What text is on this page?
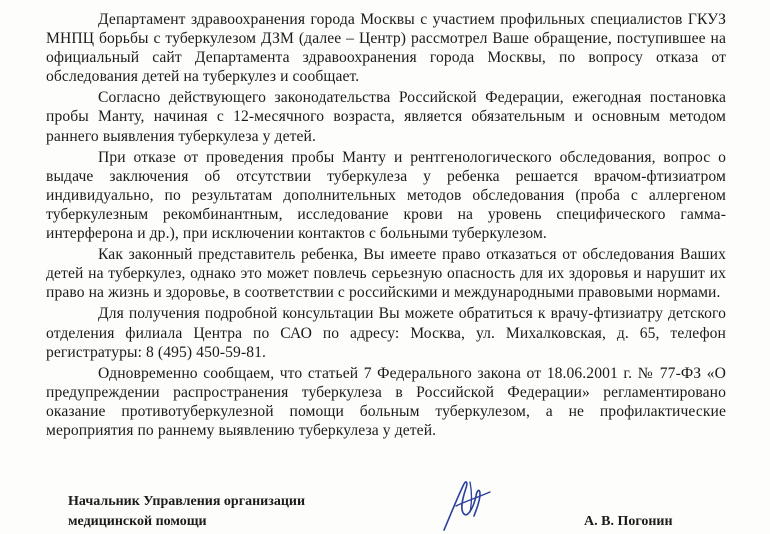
Департамент здравоохранения города Москвы с участием профильных специалистов ГКУЗ МНПЦ борьбы с туберкулезом ДЗМ (далее – Центр) рассмотрел Ваше обращение, поступившее на официальный сайт Департамента здравоохранения города Москвы, по вопросу отказа от обследования детей на туберкулез и сообщает.

Согласно действующего законодательства Российской Федерации, ежегодная постановка пробы Манту, начиная с 12-месячного возраста, является обязательным и основным методом раннего выявления туберкулеза у детей.

При отказе от проведения пробы Манту и рентгенологического обследования, вопрос о выдаче заключения об отсутствии туберкулеза у ребенка решается врачом-фтизиатром индивидуально, по результатам дополнительных методов обследования (проба с аллергеном туберкулезным рекомбинантным, исследование крови на уровень специфического гамма-интерферона и др.), при исключении контактов с больными туберкулезом.

Как законный представитель ребенка, Вы имеете право отказаться от обследования Ваших детей на туберкулез, однако это может повлечь серьезную опасность для их здоровья и нарушит их право на жизнь и здоровье, в соответствии с российскими и международными правовыми нормами.

Для получения подробной консультации Вы можете обратиться к врачу-фтизиатру детского отделения филиала Центра по САО по адресу: Москва, ул. Михалковская, д. 65, телефон регистратуры: 8 (495) 450-59-81.

Одновременно сообщаем, что статьей 7 Федерального закона от 18.06.2001 г. № 77-ФЗ «О предупреждении распространения туберкулеза в Российской Федерации» регламентировано оказание противотуберкулезной помощи больным туберкулезом, а не профилактические мероприятия по раннему выявлению туберкулеза у детей.

Начальник Управления организации
медицинской помощи	А. В. Погонин
